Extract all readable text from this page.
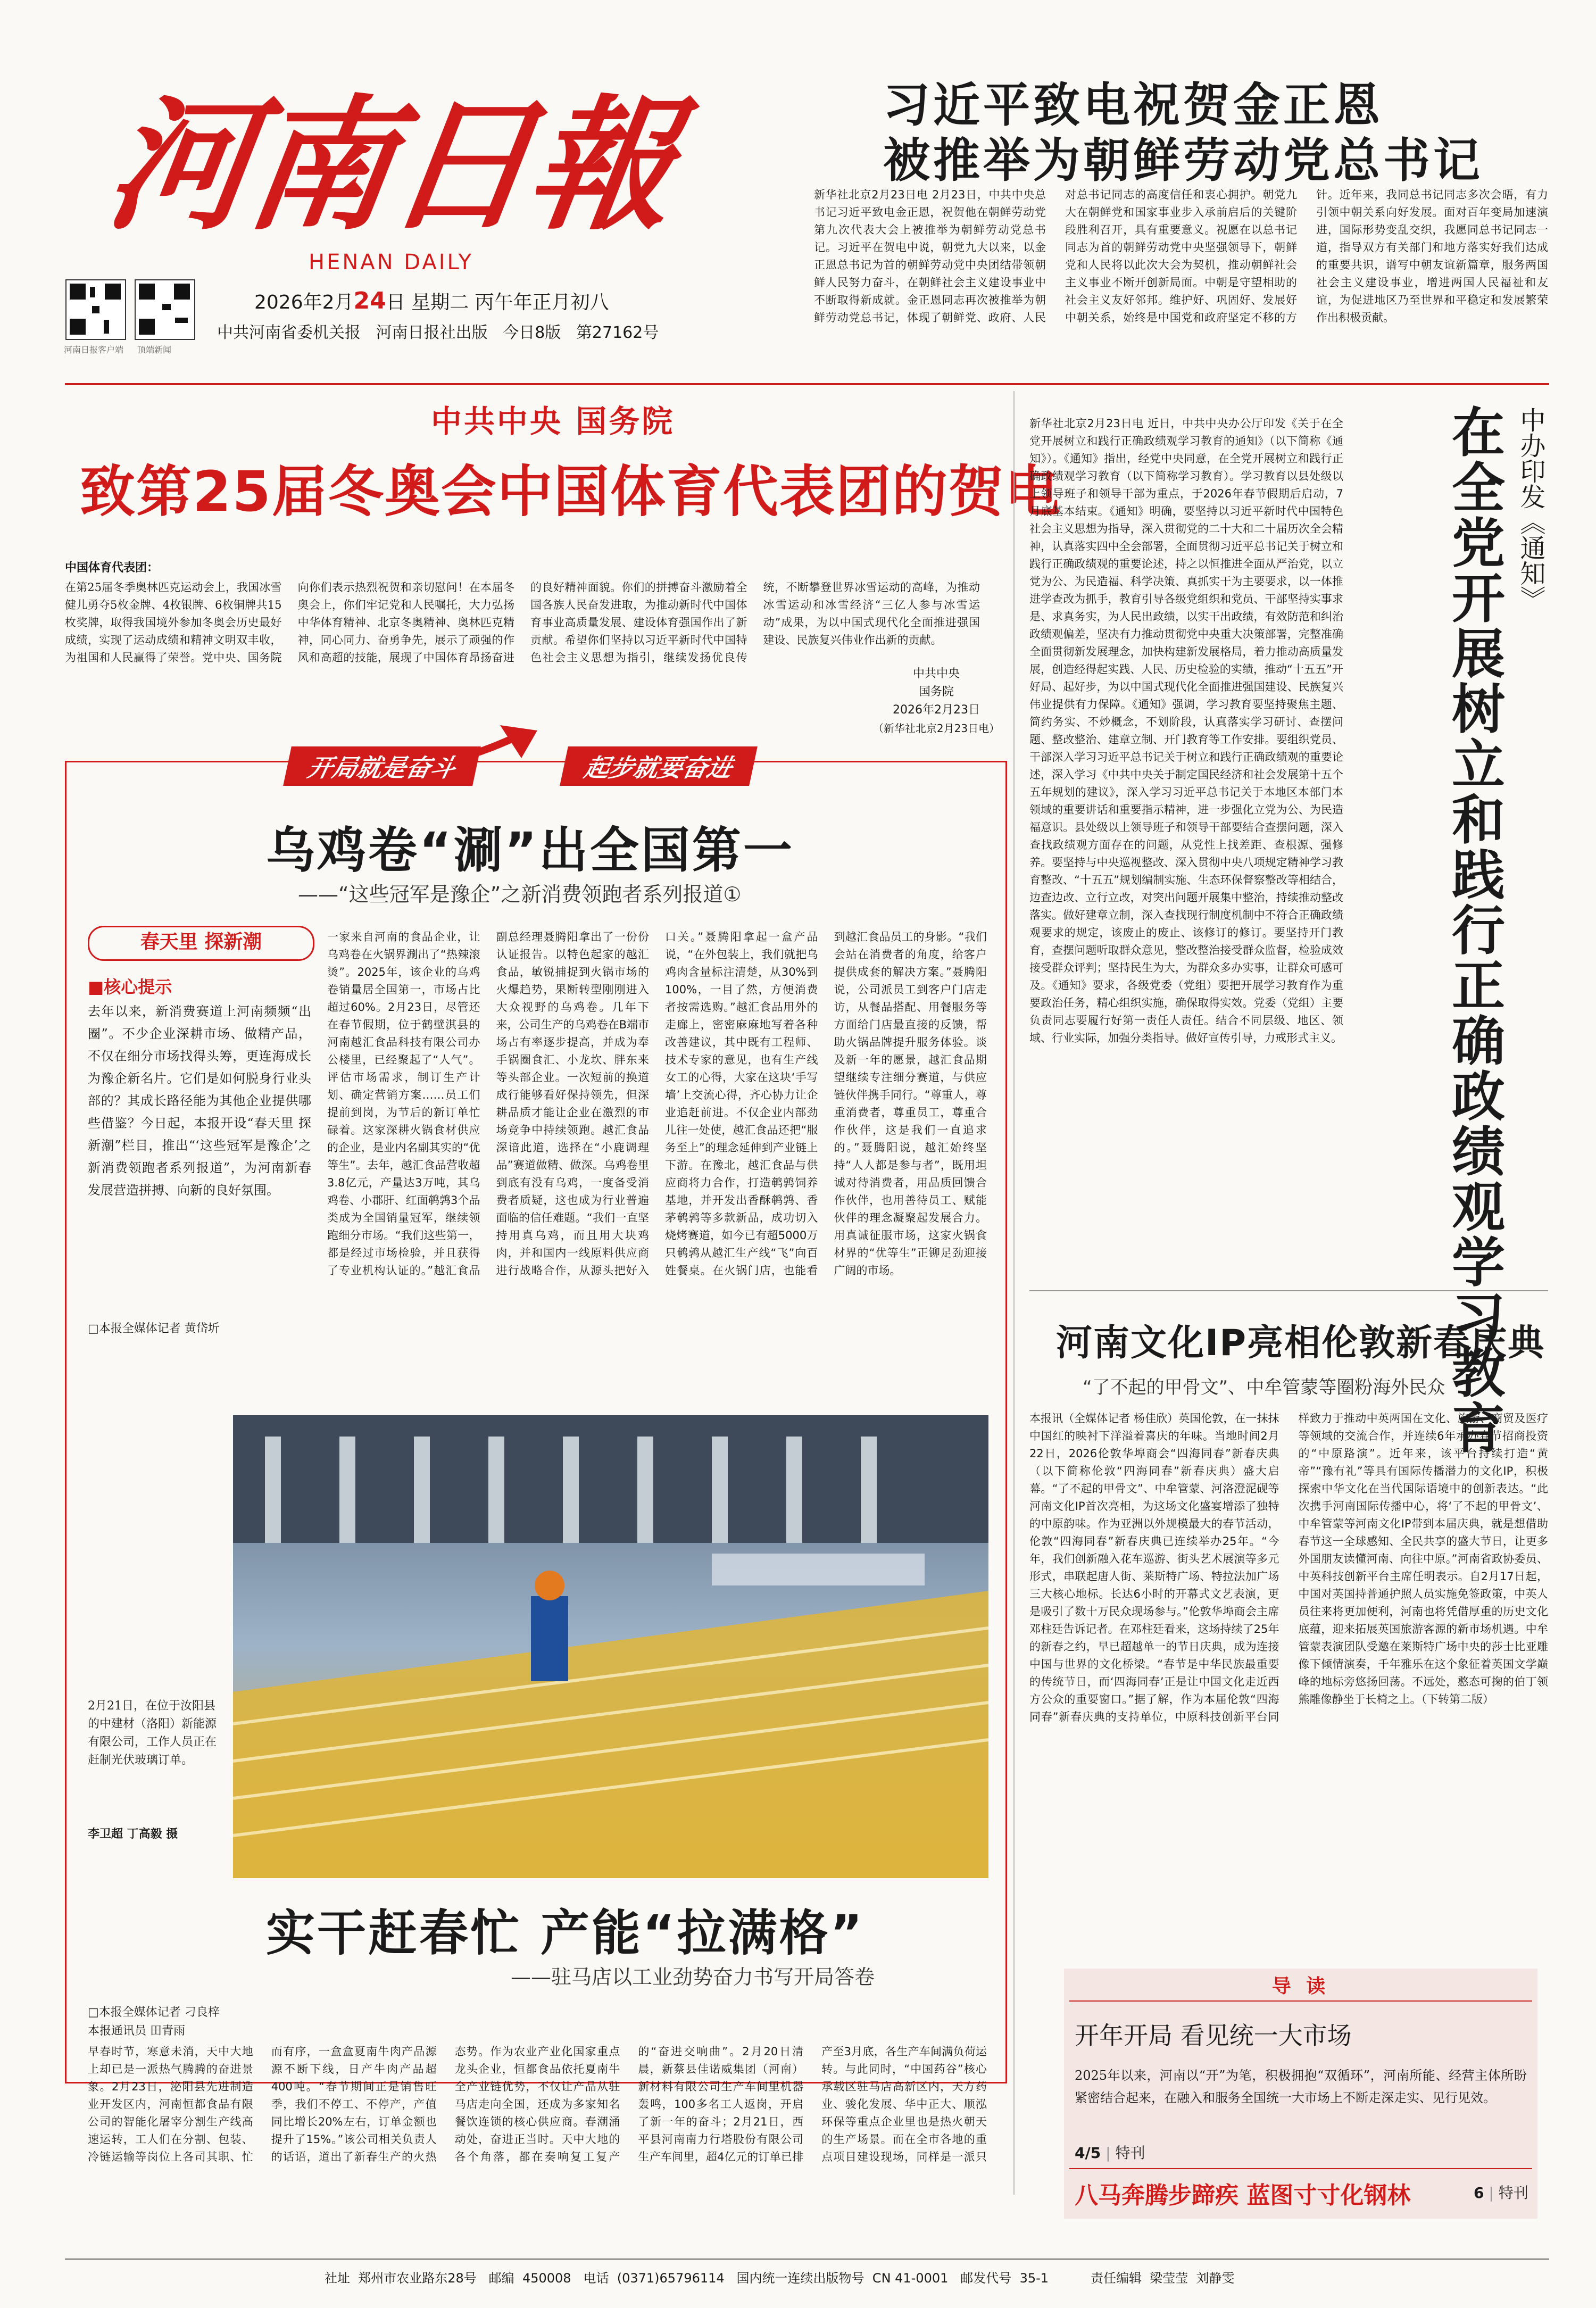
河南日報
HENAN DAILY
2026年2月24日 星期二 丙午年正月初八
中共河南省委机关报   河南日报社出版   今日8版   第27162号
河南日报客户端 顶端新闻
习近平致电祝贺金正恩
被推举为朝鲜劳动党总书记
新华社北京2月23日电 2月23日，中共中央总书记习近平致电金正恩，祝贺他在朝鲜劳动党第九次代表大会上被推举为朝鲜劳动党总书记。习近平在贺电中说，朝党九大以来，以金正恩总书记为首的朝鲜劳动党中央团结带领朝鲜人民努力奋斗，在朝鲜社会主义建设事业中不断取得新成就。金正恩同志再次被推举为朝鲜劳动党总书记，体现了朝鲜党、政府、人民对总书记同志的高度信任和衷心拥护。朝党九大在朝鲜党和国家事业步入承前启后的关键阶段胜利召开，具有重要意义。祝愿在以总书记同志为首的朝鲜劳动党中央坚强领导下，朝鲜党和人民将以此次大会为契机，推动朝鲜社会主义事业不断开创新局面。中朝是守望相助的社会主义友好邻邦。维护好、巩固好、发展好中朝关系，始终是中国党和政府坚定不移的方针。近年来，我同总书记同志多次会晤，有力引领中朝关系向好发展。面对百年变局加速演进，国际形势变乱交织，我愿同总书记同志一道，指导双方有关部门和地方落实好我们达成的重要共识，谱写中朝友谊新篇章，服务两国社会主义建设事业，增进两国人民福祉和友谊，为促进地区乃至世界和平稳定和发展繁荣作出积极贡献。
中共中央 国务院
致第25届冬奥会中国体育代表团的贺电
中国体育代表团：
在第25届冬季奥林匹克运动会上，我国冰雪健儿勇夺5枚金牌、4枚银牌、6枚铜牌共15枚奖牌，取得我国境外参加冬奥会历史最好成绩，实现了运动成绩和精神文明双丰收，为祖国和人民赢得了荣誉。党中央、国务院向你们表示热烈祝贺和亲切慰问！在本届冬奥会上，你们牢记党和人民嘱托，大力弘扬中华体育精神、北京冬奥精神、奥林匹克精神，同心同力、奋勇争先，展示了顽强的作风和高超的技能，展现了中国体育昂扬奋进的良好精神面貌。你们的拼搏奋斗激励着全国各族人民奋发进取，为推动新时代中国体育事业高质量发展、建设体育强国作出了新贡献。希望你们坚持以习近平新时代中国特色社会主义思想为指引，继续发扬优良传统，不断攀登世界冰雪运动的高峰，为推动冰雪运动和冰雪经济“三亿人参与冰雪运动”成果，为以中国式现代化全面推进强国建设、民族复兴伟业作出新的贡献。
中共中央
国务院
2026年2月23日
（新华社北京2月23日电）
开局就是奋斗	起步就要奋进
乌鸡卷“涮”出全国第一
——“这些冠军是豫企”之新消费领跑者系列报道①
春天里 探新潮
■核心提示
去年以来，新消费赛道上河南频频“出圈”。不少企业深耕市场、做精产品，不仅在细分市场找得头筹，更连海成长为豫企新名片。它们是如何脱身行业头部的？其成长路径能为其他企业提供哪些借鉴？今日起，本报开设“春天里 探新潮”栏目，推出“‘这些冠军是豫企’之新消费领跑者系列报道”，为河南新春发展营造拼搏、向新的良好氛围。
□本报全媒体记者 黄岱圻
一家来自河南的食品企业，让乌鸡卷在火锅界涮出了“热辣滚烫”。2025年，该企业的乌鸡卷销量居全国第一，市场占比超过60%。2月23日，尽管还在春节假期，位于鹤壁淇县的河南越汇食品科技有限公司办公楼里，已经聚起了“人气”。评估市场需求，制订生产计划、确定营销方案……员工们提前到岗，为节后的新订单忙碌着。这家深耕火锅食材供应的企业，是业内名副其实的“优等生”。去年，越汇食品营收超3.8亿元，产量达3万吨，其乌鸡卷、小郡肝、红面鹌鹑3个品类成为全国销量冠军，继续领跑细分市场。“我们这些第一，都是经过市场检验，并且获得了专业机构认证的。”越汇食品副总经理聂腾阳拿出了一份份认证报告。以特色起家的越汇食品，敏锐捕捉到火锅市场的火爆趋势，果断转型刚刚进入大众视野的乌鸡卷。几年下来，公司生产的乌鸡卷在B端市场占有率逐步提高，并成为奉手锅圈食汇、小龙坎、胖东来等头部企业。一次短前的换道成行能够看好保持领先，但深耕品质才能让企业在激烈的市场竞争中持续领跑。越汇食品深谙此道，选择在“小鹿调理品”赛道做精、做深。乌鸡卷里到底有没有乌鸡，一度备受消费者质疑，这也成为行业普遍面临的信任难题。“我们一直坚持用真乌鸡，而且用大块鸡肉，并和国内一线原料供应商进行战略合作，从源头把好入口关。”聂腾阳拿起一盒产品说，“在外包装上，我们就把乌鸡肉含量标注清楚，从30%到100%，一目了然，方便消费者按需选购。”越汇食品用外的走廊上，密密麻麻地写着各种改善建议，其中既有工程师、技术专家的意见，也有生产线女工的心得，大家在这块‘手写墙’上交流心得，齐心协力让企业追赶前进。不仅企业内部劲儿往一处使，越汇食品还把“服务至上”的理念延伸到产业链上下游。在豫北，越汇食品与供应商将力合作，打造鹌鹑饲养基地，并开发出香酥鹌鹑、香茅鹌鹑等多款新品，成功切入烧烤赛道，如今已有超5000万只鹌鹑从越汇生产线“飞”向百姓餐桌。在火锅门店，也能看到越汇食品员工的身影。“我们会站在消费者的角度，给客户提供成套的解决方案。”聂腾阳说，公司派员工到客户门店走访，从餐品搭配、用餐服务等方面给门店最直接的反馈，帮助火锅品牌提升服务体验。谈及新一年的愿景，越汇食品期望继续专注细分赛道，与供应链伙伴携手同行。“尊重人，尊重消费者，尊重员工，尊重合作伙伴，这是我们一直追求的。”聂腾阳说，越汇始终坚持“人人都是参与者”，既用坦诚对待消费者，用品质回馈合作伙伴，也用善待员工、赋能伙伴的理念凝聚起发展合力。用真诚征服市场，这家火锅食材界的“优等生”正铆足劲迎接广阔的市场。
2月21日，在位于汝阳县的中建材（洛阳）新能源有限公司，工作人员正在赶制光伏玻璃订单。
李卫超 丁高毅 摄
实干赶春忙 产能“拉满格”
——驻马店以工业劲势奋力书写开局答卷
□本报全媒体记者 刁良梓
本报通讯员 田青雨
早春时节，寒意未消，天中大地上却已是一派热气腾腾的奋进景象。2月23日，泌阳县先进制造业开发区内，河南恒都食品有限公司的智能化屠宰分割生产线高速运转，工人们在分割、包装、冷链运输等岗位上各司其职、忙而有序，一盒盒夏南牛肉产品源源不断下线，日产牛肉产品超400吨。“春节期间正是销售旺季，我们不停工、不停产，产值同比增长20%左右，订单金额也提升了15%。”该公司相关负责人的话语，道出了新春生产的火热态势。作为农业产业化国家重点龙头企业，恒都食品依托夏南牛全产业链优势，不仅让产品从驻马店走向全国，还成为多家知名餐饮连锁的核心供应商。春潮涌动处，奋进正当时。天中大地的各个角落，都在奏响复工复产的“奋进交响曲”。2月20日清晨，新蔡县佳诺威集团（河南）新材料有限公司生产车间里机器轰鸣，100多名工人返岗，开启了新一年的奋斗；2月21日，西平县河南南力行塔股份有限公司生产车间里，超4亿元的订单已排产至3月底，各生产车间满负荷运转。与此同时，“中国药谷”核心承载区驻马店高新区内，天方药业、骏化发展、华中正大、顺泓环保等重点企业里也是热火朝天的生产场景。而在全市各地的重点项目建设现场，同样是一派只
中办印发《通知》
在全党开展树立和践行正确政绩观学习教育
新华社北京2月23日电 近日，中共中央办公厅印发《关于在全党开展树立和践行正确政绩观学习教育的通知》（以下简称《通知》）。《通知》指出，经党中央同意，在全党开展树立和践行正确政绩观学习教育（以下简称学习教育）。学习教育以县处级以上领导班子和领导干部为重点，于2026年春节假期后启动，7月底基本结束。《通知》明确，要坚持以习近平新时代中国特色社会主义思想为指导，深入贯彻党的二十大和二十届历次全会精神，认真落实四中全会部署，全面贯彻习近平总书记关于树立和践行正确政绩观的重要论述，持之以恒推进全面从严治党，以立党为公、为民造福、科学决策、真抓实干为主要要求，以一体推进学查改为抓手，教育引导各级党组织和党员、干部坚持实事求是、求真务实，为人民出政绩，以实干出政绩，有效防范和纠治政绩观偏差，坚决有力推动贯彻党中央重大决策部署，完整准确全面贯彻新发展理念，加快构建新发展格局，着力推动高质量发展，创造经得起实践、人民、历史检验的实绩，推动“十五五”开好局、起好步，为以中国式现代化全面推进强国建设、民族复兴伟业提供有力保障。《通知》强调，学习教育要坚持聚焦主题、简约务实、不炒概念，不划阶段，认真落实学习研讨、查摆问题、整改整治、建章立制、开门教育等工作安排。要组织党员、干部深入学习习近平总书记关于树立和践行正确政绩观的重要论述，深入学习《中共中央关于制定国民经济和社会发展第十五个五年规划的建议》，深入学习习近平总书记关于本地区本部门本领域的重要讲话和重要指示精神，进一步强化立党为公、为民造福意识。县处级以上领导班子和领导干部要结合查摆问题，深入查找政绩观方面存在的问题，从党性上找差距、查根源、强修养。要坚持与中央巡视整改、深入贯彻中央八项规定精神学习教育整改、“十五五”规划编制实施、生态环保督察整改等相结合，边查边改、立行立改，对突出问题开展集中整治，持续推动整改落实。做好建章立制，深入查找现行制度机制中不符合正确政绩观要求的规定，该废止的废止、该修订的修订。要坚持开门教育，查摆问题听取群众意见，整改整治接受群众监督，检验成效接受群众评判；坚持民生为大，为群众多办实事，让群众可感可及。《通知》要求，各级党委（党组）要把开展学习教育作为重要政治任务，精心组织实施，确保取得实效。党委（党组）主要负责同志要履行好第一责任人责任。结合不同层级、地区、领域、行业实际，加强分类指导。做好宣传引导，力戒形式主义。
河南文化IP亮相伦敦新春庆典
“了不起的甲骨文”、中牟管蒙等圈粉海外民众
本报讯（全媒体记者 杨佳欣）英国伦敦，在一抹抹中国红的映衬下洋溢着喜庆的年味。当地时间2月22日，2026伦敦华埠商会“四海同春”新春庆典（以下简称伦敦“四海同春”新春庆典）盛大启幕。“了不起的甲骨文”、中牟管蒙、河洛澄泥砚等河南文化IP首次亮相，为这场文化盛宴增添了独特的中原韵味。作为亚洲以外规模最大的春节活动，伦敦“四海同春”新春庆典已连续举办25年。“今年，我们创新融入花车巡游、街头艺术展演等多元形式，串联起唐人街、莱斯特广场、特拉法加广场三大核心地标。长达6小时的开幕式文艺表演，更是吸引了数十万民众现场参与。”伦敦华埠商会主席邓柱廷告诉记者。在邓柱廷看来，这场持续了25年的新春之约，早已超越单一的节日庆典，成为连接中国与世界的文化桥梁。“春节是中华民族最重要的传统节日，而‘四海同春’正是让中国文化走近西方公众的重要窗口。”据了解，作为本届伦敦“四海同春”新春庆典的支持单位，中原科技创新平台同样致力于推动中英两国在文化、旅游、商贸及医疗等领域的交流合作，并连续6年承办春节招商投资的“中原路演”。近年来，该平台持续打造“黄帝”“豫有礼”等具有国际传播潜力的文化IP，积极探索中华文化在当代国际语境中的创新表达。“此次携手河南国际传播中心，将‘了不起的甲骨文’、中牟管蒙等河南文化IP带到本届庆典，就是想借助春节这一全球感知、全民共享的盛大节日，让更多外国朋友读懂河南、向往中原。”河南省政协委员、中英科技创新平台主席任明表示。自2月17日起，中国对英国持普通护照人员实施免签政策，中英人员往来将更加便利，河南也将凭借厚重的历史文化底蕴，迎来拓展英国旅游客源的新市场机遇。中牟管蒙表演团队受邀在莱斯特广场中央的莎士比亚雕像下倾情演奏，千年雅乐在这个象征着英国文学巅峰的地标旁悠扬回荡。不远处，憨态可掬的伯丁领熊雕像静坐于长椅之上。（下转第二版）
导 读
开年开局 看见统一大市场
2025年以来，河南以“开”为笔，积极拥抱“双循环”，河南所能、经营主体所盼紧密结合起来，在融入和服务全国统一大市场上不断走深走实、见行见效。
4/5 | 特刊
八马奔腾步蹄疾 蓝图寸寸化钢林	6 | 特刊
社址  郑州市农业路东28号   邮编  450008   电话  (0371)65796114   国内统一连续出版物号  CN 41-0001   邮发代号  35-1	责任编辑  梁莹莹  刘静雯
